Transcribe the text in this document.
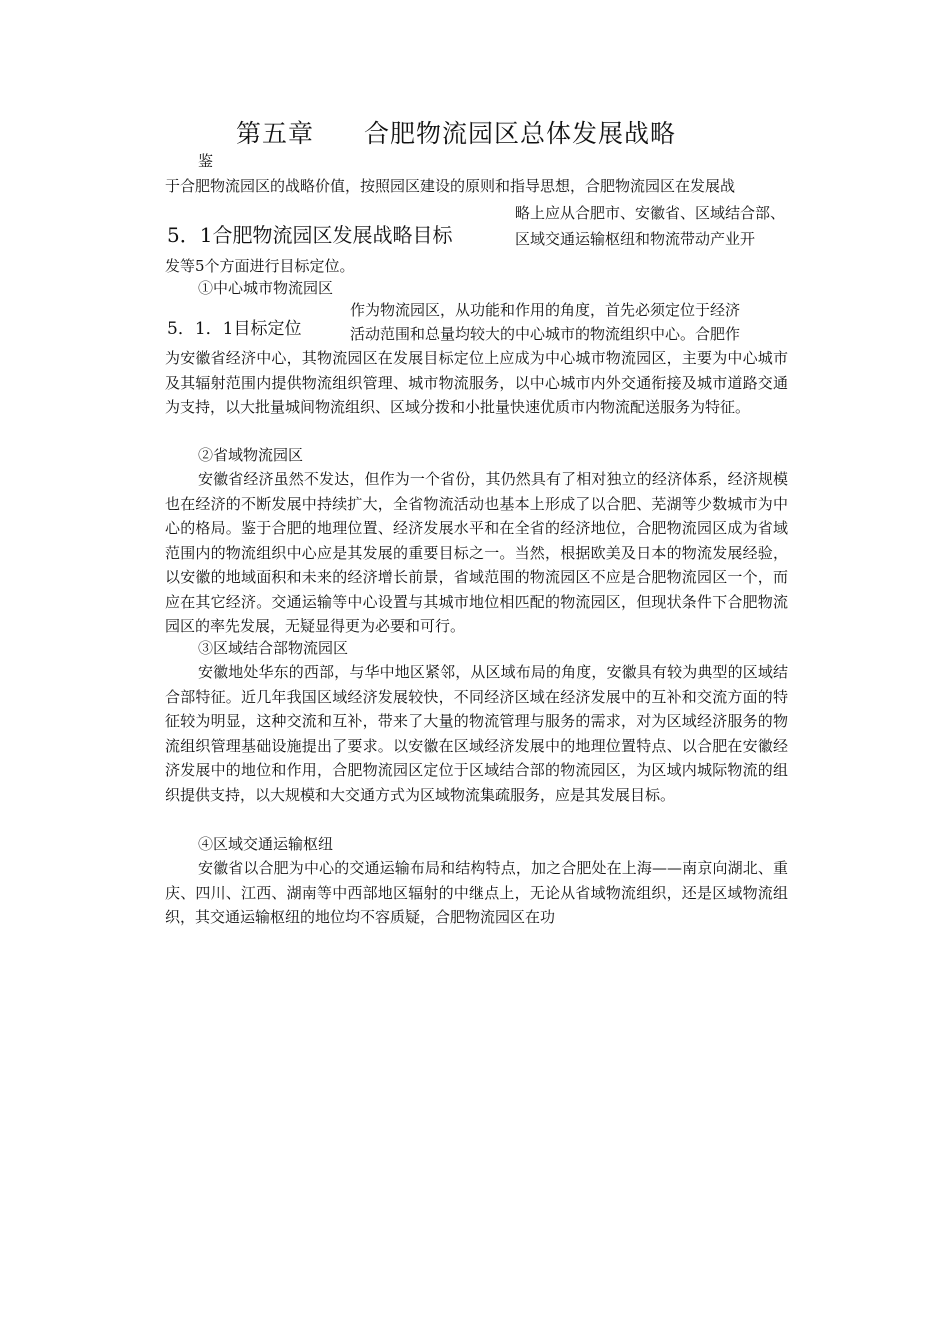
第五章 合肥物流园区总体发展战略
鉴
于合肥物流园区的战略价值，按照园区建设的原则和指导思想，合肥物流园区在发展战
略上应从合肥市、安徽省、区域结合部、
5．1合肥物流园区发展战略目标	区域交通运输枢纽和物流带动产业开
发等5个方面进行目标定位。
①中心城市物流园区
作为物流园区，从功能和作用的角度，首先必须定位于经济
5．1．1目标定位	活动范围和总量均较大的中心城市的物流组织中心。合肥作
为安徽省经济中心，其物流园区在发展目标定位上应成为中心城市物流园区，主要为中心城市及其辐射范围内提供物流组织管理、城市物流服务，以中心城市内外交通衔接及城市道路交通为支持，以大批量城间物流组织、区域分拨和小批量快速优质市内物流配送服务为特征。
②省域物流园区
安徽省经济虽然不发达，但作为一个省份，其仍然具有了相对独立的经济体系，经济规模也在经济的不断发展中持续扩大，全省物流活动也基本上形成了以合肥、芜湖等少数城市为中心的格局。鉴于合肥的地理位置、经济发展水平和在全省的经济地位，合肥物流园区成为省域范围内的物流组织中心应是其发展的重要目标之一。当然，根据欧美及日本的物流发展经验，以安徽的地域面积和未来的经济增长前景，省域范围的物流园区不应是合肥物流园区一个，而应在其它经济。交通运输等中心设置与其城市地位相匹配的物流园区，但现状条件下合肥物流园区的率先发展，无疑显得更为必要和可行。
③区域结合部物流园区
安徽地处华东的西部，与华中地区紧邻，从区域布局的角度，安徽具有较为典型的区域结合部特征。近几年我国区域经济发展较快，不同经济区域在经济发展中的互补和交流方面的特征较为明显，这种交流和互补，带来了大量的物流管理与服务的需求，对为区域经济服务的物流组织管理基础设施提出了要求。以安徽在区域经济发展中的地理位置特点、以合肥在安徽经济发展中的地位和作用，合肥物流园区定位于区域结合部的物流园区，为区域内城际物流的组织提供支持，以大规模和大交通方式为区域物流集疏服务，应是其发展目标。
④区域交通运输枢纽
安徽省以合肥为中心的交通运输布局和结构特点，加之合肥处在上海——南京向湖北、重庆、四川、江西、湖南等中西部地区辐射的中继点上，无论从省域物流组织，还是区域物流组织，其交通运输枢纽的地位均不容质疑，合肥物流园区在功
